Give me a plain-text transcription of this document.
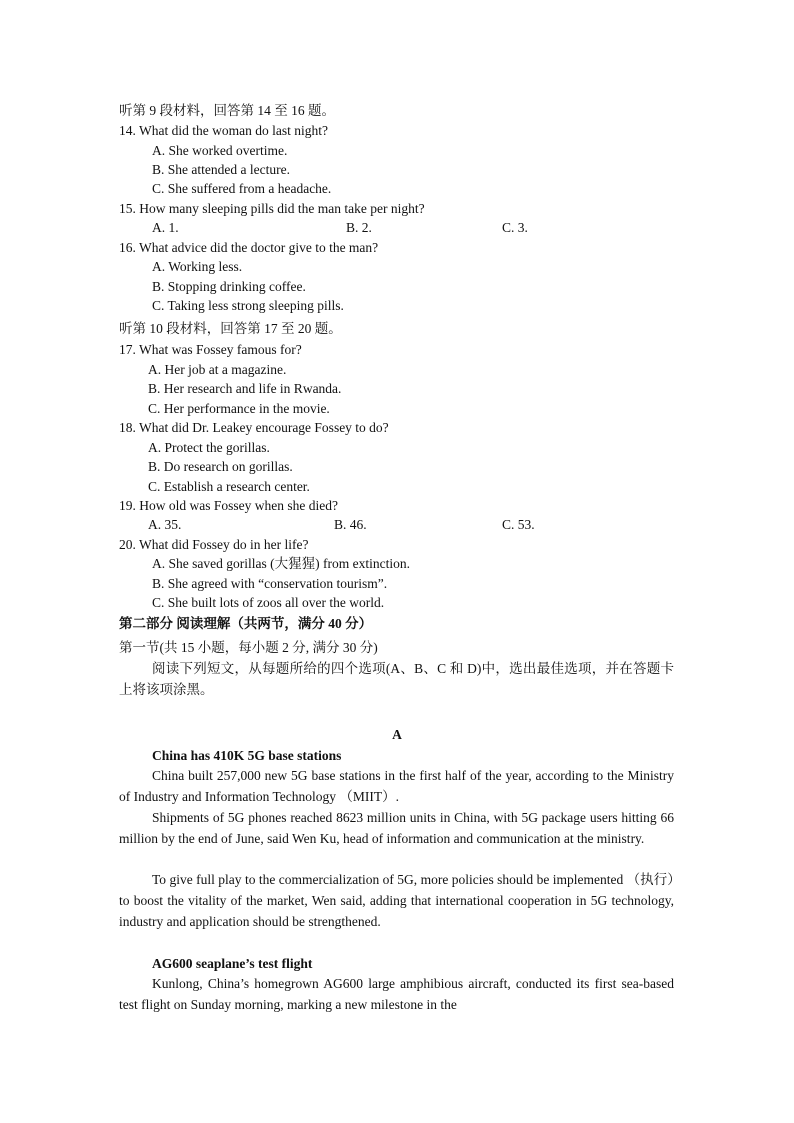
听第 9 段材料，回答第 14 至 16 题。
14. What did the woman do last night?
A. She worked overtime.
B. She attended a lecture.
C. She suffered from a headache.
15. How many sleeping pills did the man take per night?
A. 1.	B. 2.	C. 3.
16. What advice did the doctor give to the man?
A. Working less.
B. Stopping drinking coffee.
C. Taking less strong sleeping pills.
听第 10 段材料，回答第 17 至 20 题。
17. What was Fossey famous for?
A. Her job at a magazine.
B. Her research and life in Rwanda.
C. Her performance in the movie.
18. What did Dr. Leakey encourage Fossey to do?
A. Protect the gorillas.
B. Do research on gorillas.
C. Establish a research center.
19. How old was Fossey when she died?
A. 35.	B. 46.	C. 53.
20. What did Fossey do in her life?
A. She saved gorillas (大猩猩) from extinction.
B. She agreed with “conservation tourism”.
C. She built lots of zoos all over the world.
第二部分 阅读理解（共两节，满分 40 分）
第一节(共 15 小题，每小题 2 分, 满分 30 分)
阅读下列短文，从每题所给的四个选项(A、B、C 和 D)中，选出最佳选项，并在答题卡上将该项涂黑。
A
China has 410K 5G base stations
China built 257,000 new 5G base stations in the first half of the year, according to the Ministry of Industry and Information Technology （MIIT）.
Shipments of 5G phones reached 8623 million units in China, with 5G package users hitting 66 million by the end of June, said Wen Ku, head of information and communication at the ministry.
To give full play to the commercialization of 5G, more policies should be implemented （执行）to boost the vitality of the market, Wen said, adding that international cooperation in 5G technology, industry and application should be strengthened.
AG600 seaplane’s test flight
Kunlong, China’s homegrown AG600 large amphibious aircraft, conducted its first sea-based test flight on Sunday morning, marking a new milestone in the
